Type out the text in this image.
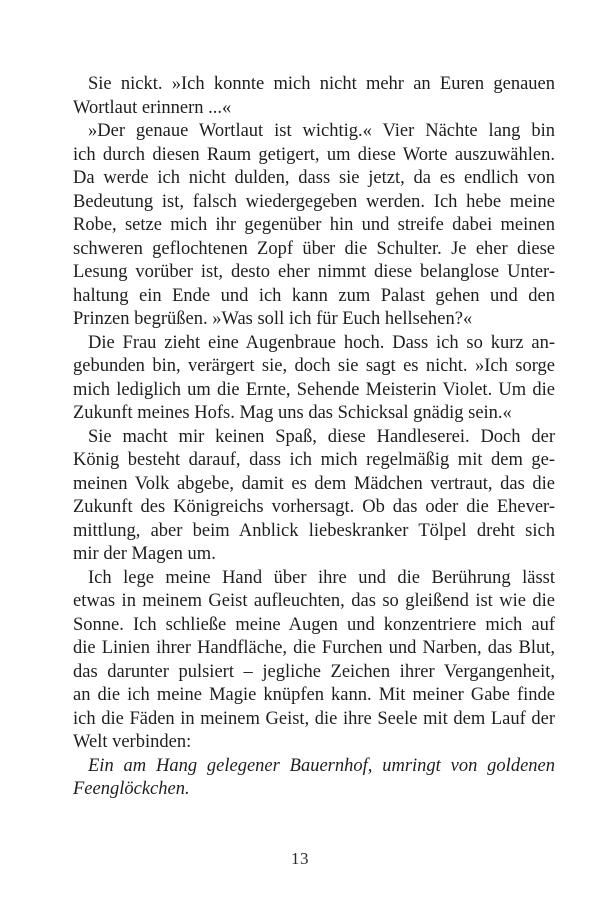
Sie nickt. »Ich konnte mich nicht mehr an Euren genauen
Wortlaut erinnern ...«
»Der genaue Wortlaut ist wichtig.« Vier Nächte lang bin
ich durch diesen Raum getigert, um diese Worte auszuwählen.
Da werde ich nicht dulden, dass sie jetzt, da es endlich von
Bedeutung ist, falsch wiedergegeben werden. Ich hebe meine
Robe, setze mich ihr gegenüber hin und streife dabei meinen
schweren geflochtenen Zopf über die Schulter. Je eher diese
Lesung vorüber ist, desto eher nimmt diese belanglose Unter-
haltung ein Ende und ich kann zum Palast gehen und den
Prinzen begrüßen. »Was soll ich für Euch hellsehen?«
Die Frau zieht eine Augenbraue hoch. Dass ich so kurz an-
gebunden bin, verärgert sie, doch sie sagt es nicht. »Ich sorge
mich lediglich um die Ernte, Sehende Meisterin Violet. Um die
Zukunft meines Hofs. Mag uns das Schicksal gnädig sein.«
Sie macht mir keinen Spaß, diese Handleserei. Doch der
König besteht darauf, dass ich mich regelmäßig mit dem ge-
meinen Volk abgebe, damit es dem Mädchen vertraut, das die
Zukunft des Königreichs vorhersagt. Ob das oder die Ehever-
mittlung, aber beim Anblick liebeskranker Tölpel dreht sich
mir der Magen um.
Ich lege meine Hand über ihre und die Berührung lässt
etwas in meinem Geist aufleuchten, das so gleißend ist wie die
Sonne. Ich schließe meine Augen und konzentriere mich auf
die Linien ihrer Handfläche, die Furchen und Narben, das Blut,
das darunter pulsiert – jegliche Zeichen ihrer Vergangenheit,
an die ich meine Magie knüpfen kann. Mit meiner Gabe finde
ich die Fäden in meinem Geist, die ihre Seele mit dem Lauf der
Welt verbinden:
Ein am Hang gelegener Bauernhof, umringt von goldenen
Feenglöckchen.
13
